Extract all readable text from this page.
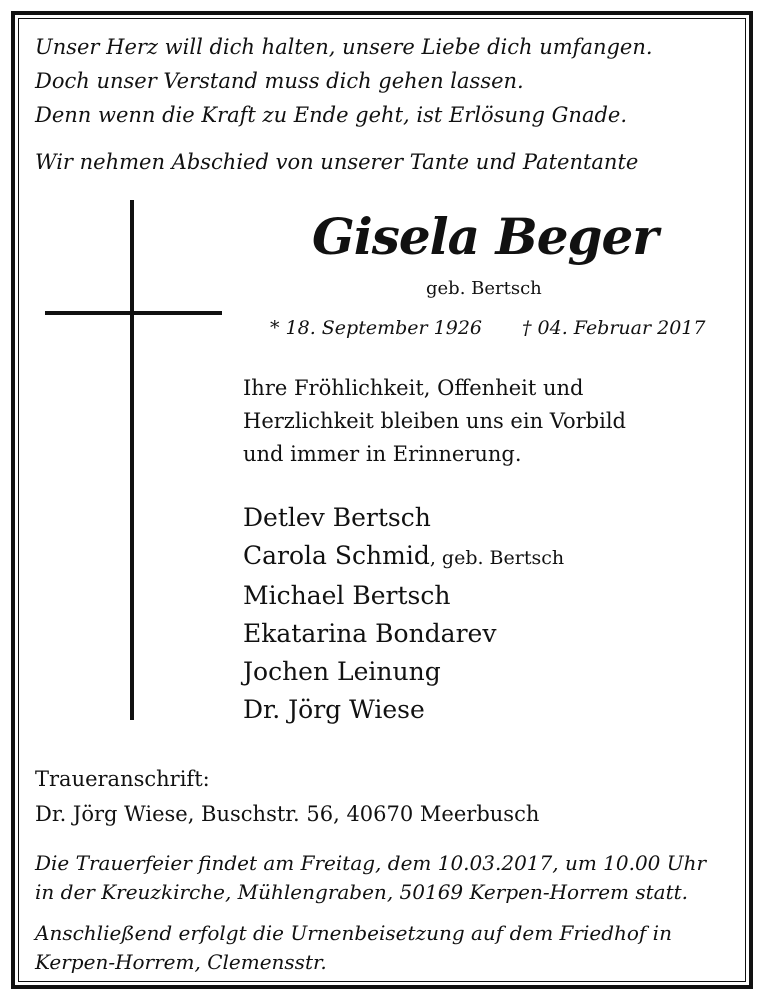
Unser Herz will dich halten, unsere Liebe dich umfangen.
Doch unser Verstand muss dich gehen lassen.
Denn wenn die Kraft zu Ende geht, ist Erlösung Gnade.
Wir nehmen Abschied von unserer Tante und Patentante
Gisela Beger
geb. Bertsch
* 18. September 1926 † 04. Februar 2017
Ihre Fröhlichkeit, Offenheit und
Herzlichkeit bleiben uns ein Vorbild
und immer in Erinnerung.
Detlev Bertsch
Carola Schmid, geb. Bertsch
Michael Bertsch
Ekatarina Bondarev
Jochen Leinung
Dr. Jörg Wiese
Traueranschrift:
Dr. Jörg Wiese, Buschstr. 56, 40670 Meerbusch
Die Trauerfeier findet am Freitag, dem 10.03.2017, um 10.00 Uhr
in der Kreuzkirche, Mühlengraben, 50169 Kerpen-Horrem statt.
Anschließend erfolgt die Urnenbeisetzung auf dem Friedhof in
Kerpen-Horrem, Clemensstr.
